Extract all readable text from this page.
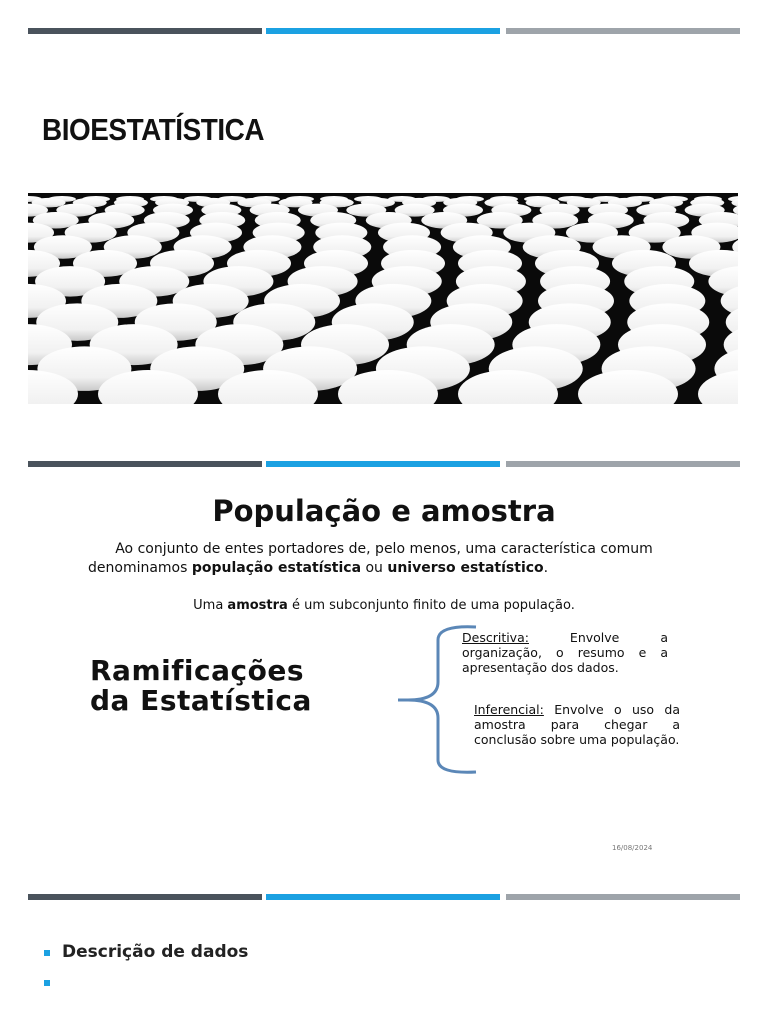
BIOESTATÍSTICA
População e amostra

Ao conjunto de entes portadores de, pelo menos, uma característica comum denominamos população estatística ou universo estatístico.

Uma amostra é um subconjunto finito de uma população.

Ramificações
da Estatística

Descritiva: Envolve a organização, o resumo e a apresentação dos dados.

Inferencial: Envolve o uso da amostra para chegar a conclusão sobre uma população.

16/08/2024
Descrição de dados
